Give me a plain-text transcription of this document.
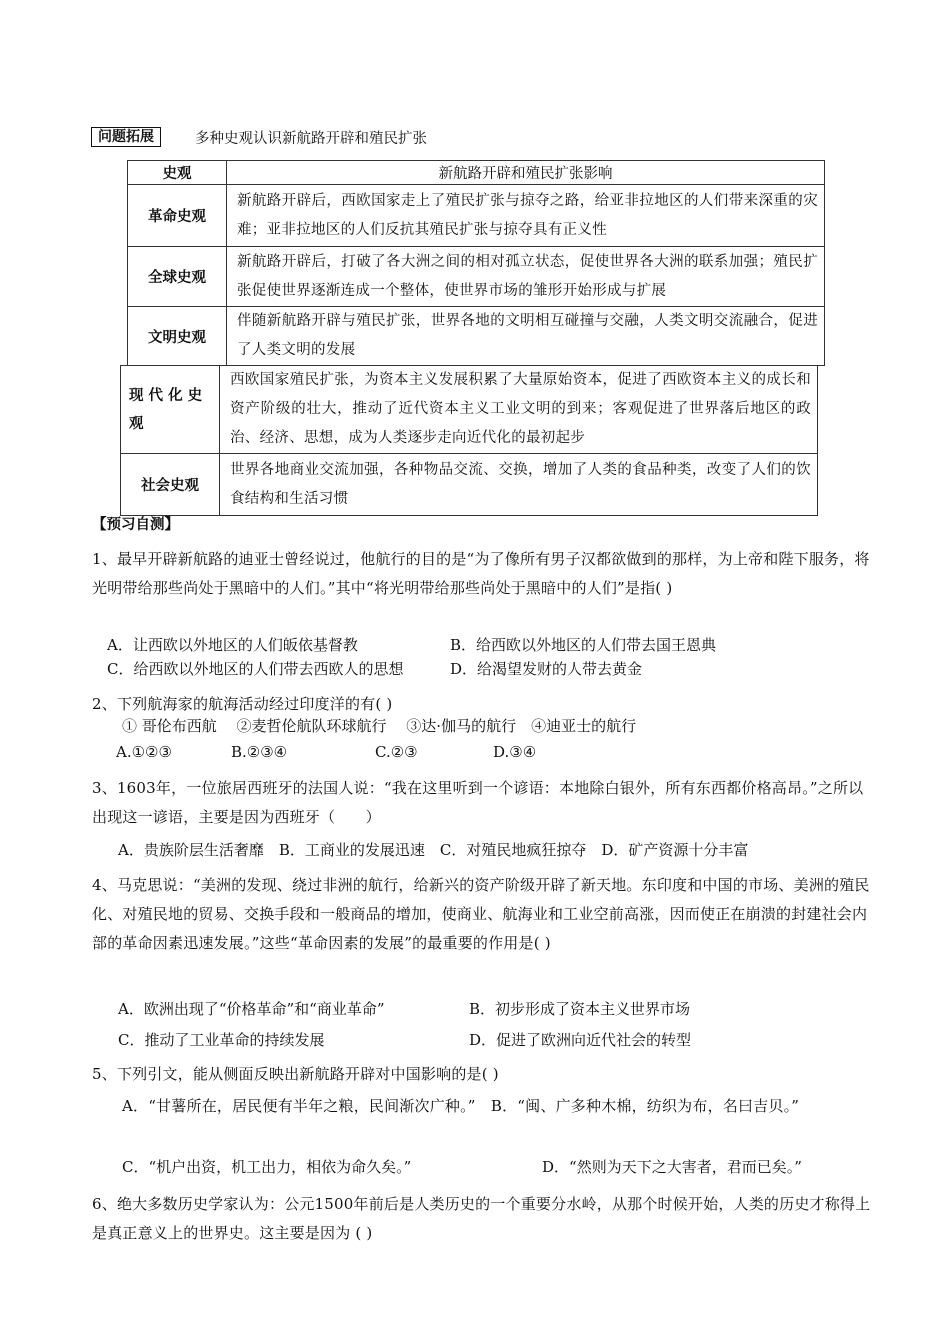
问题拓展	多种史观认识新航路开辟和殖民扩张
史观	新航路开辟和殖民扩张影响
革命史观	新航路开辟后，西欧国家走上了殖民扩张与掠夺之路，给亚非拉地区的人们带来深重的灾难；亚非拉地区的人们反抗其殖民扩张与掠夺具有正义性
全球史观	新航路开辟后，打破了各大洲之间的相对孤立状态，促使世界各大洲的联系加强；殖民扩张促使世界逐渐连成一个整体，使世界市场的雏形开始形成与扩展
文明史观	伴随新航路开辟与殖民扩张，世界各地的文明相互碰撞与交融，人类文明交流融合，促进了人类文明的发展
现 代 化 史 观	西欧国家殖民扩张，为资本主义发展积累了大量原始资本，促进了西欧资本主义的成长和资产阶级的壮大，推动了近代资本主义工业文明的到来；客观促进了世界落后地区的政治、经济、思想，成为人类逐步走向近代化的最初起步
社会史观	世界各地商业交流加强，各种物品交流、交换，增加了人类的食品种类，改变了人们的饮食结构和生活习惯
【预习自测】
1、最早开辟新航路的迪亚士曾经说过，他航行的目的是“为了像所有男子汉都欲做到的那样，为上帝和陛下服务，将光明带给那些尚处于黑暗中的人们。”其中“将光明带给那些尚处于黑暗中的人们”是指( )
A．让西欧以外地区的人们皈依基督教	B．给西欧以外地区的人们带去国王恩典
C．给西欧以外地区的人们带去西欧人的思想	D．给渴望发财的人带去黄金
2、下列航海家的航海活动经过印度洋的有( )
① 哥伦布西航　 ②麦哲伦航队环球航行　 ③达·伽马的航行　④迪亚士的航行
A.①②③	B.②③④	C.②③	D.③④
3、1603年，一位旅居西班牙的法国人说：“我在这里听到一个谚语：本地除白银外，所有东西都价格高昂。”之所以出现这一谚语，主要是因为西班牙（　　）
A．贵族阶层生活奢靡　B．工商业的发展迅速　C．对殖民地疯狂掠夺　D．矿产资源十分丰富
4、马克思说：“美洲的发现、绕过非洲的航行，给新兴的资产阶级开辟了新天地。东印度和中国的市场、美洲的殖民化、对殖民地的贸易、交换手段和一般商品的增加，使商业、航海业和工业空前高涨，因而使正在崩溃的封建社会内部的革命因素迅速发展。”这些“革命因素的发展”的最重要的作用是( )
A．欧洲出现了“价格革命”和“商业革命”	B．初步形成了资本主义世界市场
C．推动了工业革命的持续发展	D．促进了欧洲向近代社会的转型
5、下列引文，能从侧面反映出新航路开辟对中国影响的是( )
A．“甘薯所在，居民便有半年之粮，民间渐次广种。”　B．“闽、广多种木棉，纺织为布，名曰吉贝。”
C．“机户出资，机工出力，相依为命久矣。”	D．“然则为天下之大害者，君而已矣。”
6、绝大多数历史学家认为：公元1500年前后是人类历史的一个重要分水岭，从那个时候开始，人类的历史才称得上是真正意义上的世界史。这主要是因为 ( )
